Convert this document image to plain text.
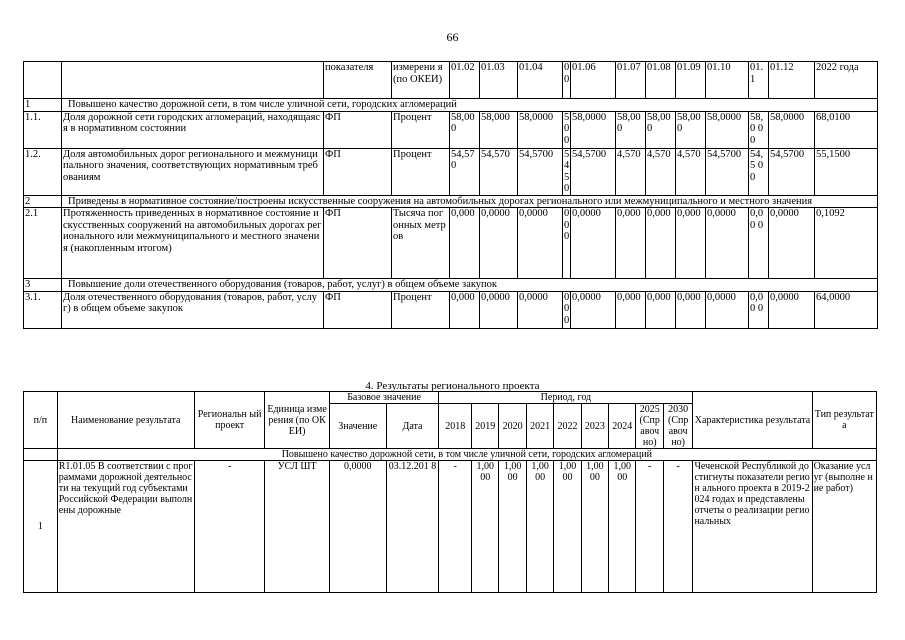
66
		показателя	измерени я (по ОКЕИ)	01.02	01.03	01.04	0 0	01.06	01.07	01.08	01.09	01.10	01.1	01.12	2022 года
1	Повышено качество дорожной сети, в том числе уличной сети, городских агломераций														
1.1.	Доля дорожной сети городских агломераций, находящаяся в нормативном состоянии	ФП	Процент	58,00 0	58,000	58,0000	5 0 0	58,0000	58,00 0	58,00 0	58,00 0	58,0000	58,0 00	58,0000	68,0100
1.2.	Доля автомобильных дорог регионального и межмуниципального значения, соответствующих нормативным требованиям	ФП	Процент	54,57 0	54,570	54,5700	5 4, 5 0	54,5700	4,570	4,570	4,570	54,5700	54,5 00	54,5700	55,1500
2	Приведены в нормативное состояние/построены искусственные сооружения на автомобильных дорогах регионального или межмуниципального и местного значения														
2.1	Протяженность приведенных в нормативное состояние искусственных сооружений на автомобильных дорогах регионального или межмуниципального и местного значения (накопленным итогом)	ФП	Тысяча погонных метров	0,000	0,0000	0,0000	0 0 0	0,0000	0,000	0,000	0,000	0,0000	0,00 0	0,0000	0,1092
3	Повышение доли отечественного оборудования (товаров, работ, услуг) в общем объеме закупок														
3.1.	Доля отечественного оборудования (товаров, работ, услуг) в общем объеме закупок	ФП	Процент	0,000	0,0000	0,0000	0 0 0	0,0000	0,000	0,000	0,000	0,0000	0,00 0	0,0000	64,0000
4. Результаты регионального проекта
п/п	Наименование результата	Региональн ый проект	Единица измерения (по ОКЕИ)	Базовое значение		Период, год									Характеристика результата	Тип результата
				Значение	Дата	2018	2019	2020	2021	2022	2023	2024	2025 (Спр авоч но)	2030 (Спр авоч но)		
	Повышено качество дорожной сети, в том числе уличной сети, городских агломераций															
1	R1.01.05 В соответствии с программами дорожной деятельности на текущий год субъектами Российской Федерации выполнены дорожные	-	УСЛ ШТ	0,0000	03.12.201 8	-	1,00 00	1,00 00	1,00 00	1,00 00	1,00 00	1,00 00	-	-	Чеченской Республикой достигнуты показатели регион ального проекта в 2019-2024 годах и представлены отчеты о реализации региональных	Оказание услуг (выполне ние работ)
